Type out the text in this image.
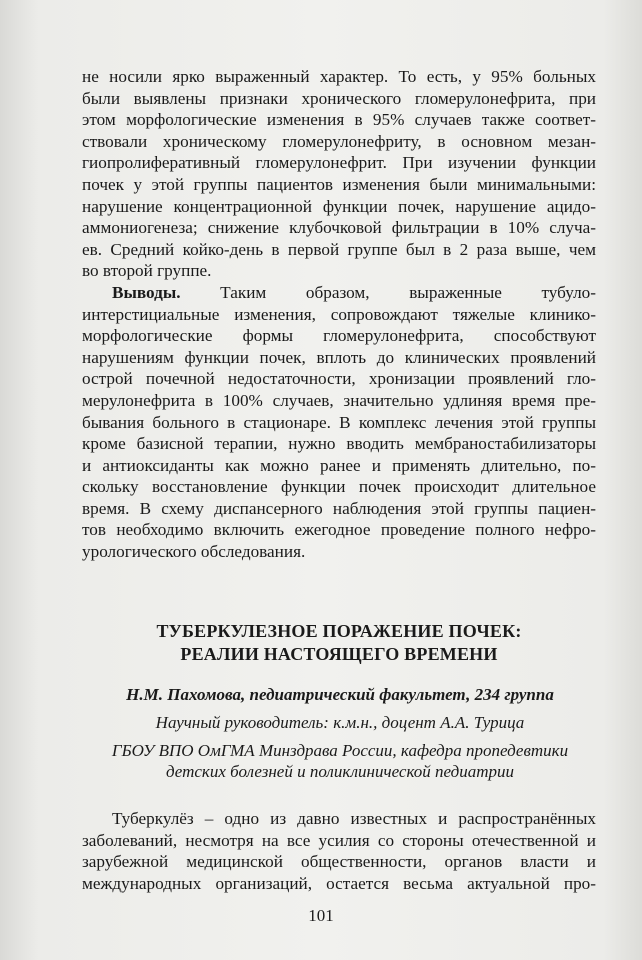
не носили ярко выраженный характер. То есть, у 95% больных
были выявлены признаки хронического гломерулонефрита, при
этом морфологические изменения в 95% случаев также соответ-
ствовали хроническому гломерулонефриту, в основном мезан-
гиопролиферативный гломерулонефрит. При изучении функции
почек у этой группы пациентов изменения были минимальными:
нарушение концентрационной функции почек, нарушение ацидо-
аммониогенеза; снижение клубочковой фильтрации в 10% случа-
ев. Средний койко-день в первой группе был в 2 раза выше, чем
во второй группе.
Выводы. Таким образом, выраженные тубуло-
интерстициальные изменения, сопровождают тяжелые клинико-
морфологические формы гломерулонефрита, способствуют
нарушениям функции почек, вплоть до клинических проявлений
острой почечной недостаточности, хронизации проявлений гло-
мерулонефрита в 100% случаев, значительно удлиняя время пре-
бывания больного в стационаре. В комплекс лечения этой группы
кроме базисной терапии, нужно вводить мембраностабилизаторы
и антиоксиданты как можно ранее и применять длительно, по-
скольку восстановление функции почек происходит длительное
время. В схему диспансерного наблюдения этой группы пациен-
тов необходимо включить ежегодное проведение полного нефро-
урологического обследования.
ТУБЕРКУЛЕЗНОЕ ПОРАЖЕНИЕ ПОЧЕК:
РЕАЛИИ НАСТОЯЩЕГО ВРЕМЕНИ
Н.М. Пахомова, педиатрический факультет, 234 группа
Научный руководитель: к.м.н., доцент А.А. Турица
ГБОУ ВПО ОмГМА Минздрава России, кафедра пропедевтики
детских болезней и поликлинической педиатрии
Туберкулёз – одно из давно известных и распространённых
заболеваний, несмотря на все усилия со стороны отечественной и
зарубежной медицинской общественности, органов власти и
международных организаций, остается весьма актуальной про-
101
